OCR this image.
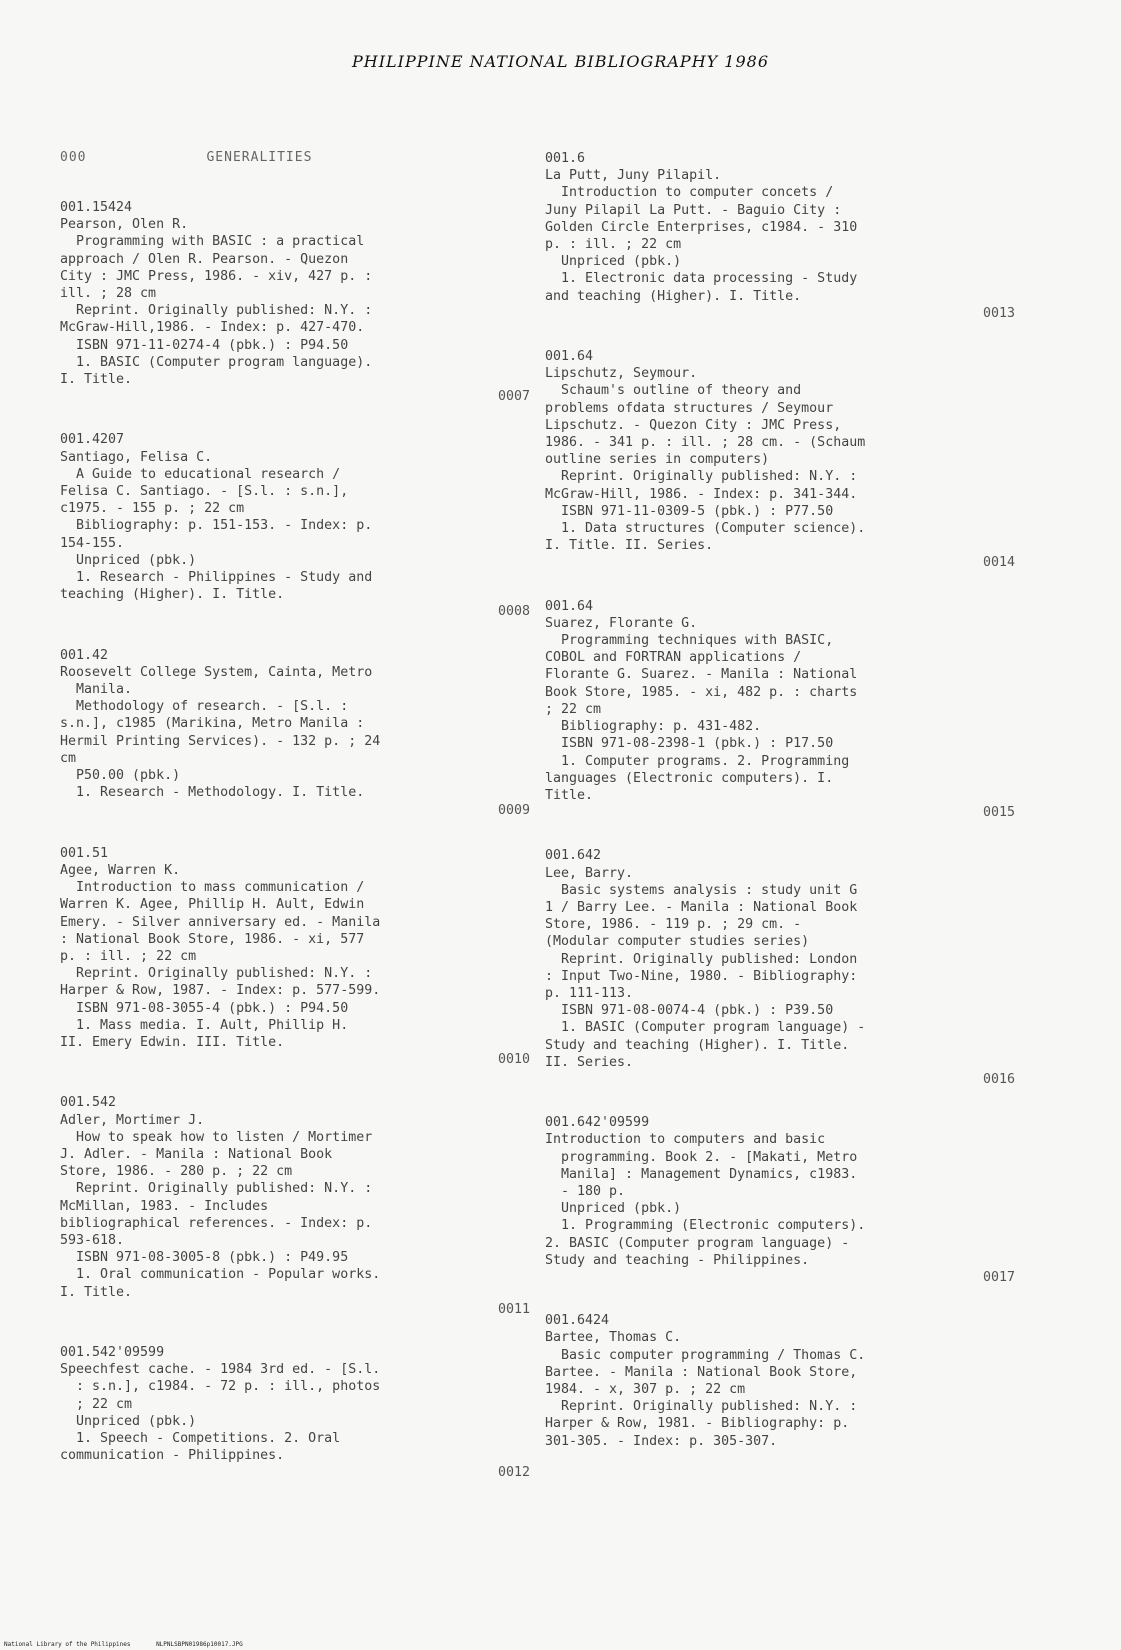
PHILIPPINE NATIONAL BIBLIOGRAPHY 1986
000	GENERALITIES
001.15424
Pearson, Olen R.
Programming with BASIC : a practical
approach / Olen R. Pearson. - Quezon
City : JMC Press, 1986. - xiv, 427 p. :
ill. ; 28 cm
Reprint. Originally published: N.Y. :
McGraw-Hill,1986. - Index: p. 427-470.
ISBN 971-11-0274-4 (pbk.) : P94.50
1. BASIC (Computer program language).
I. Title.
0007
001.4207
Santiago, Felisa C.
A Guide to educational research /
Felisa C. Santiago. - [S.l. : s.n.],
c1975. - 155 p. ; 22 cm
Bibliography: p. 151-153. - Index: p.
154-155.
Unpriced (pbk.)
1. Research - Philippines - Study and
teaching (Higher). I. Title.
0008
001.42
Roosevelt College System, Cainta, Metro
Manila.
Methodology of research. - [S.l. :
s.n.], c1985 (Marikina, Metro Manila :
Hermil Printing Services). - 132 p. ; 24
cm
P50.00 (pbk.)
1. Research - Methodology. I. Title.
0009
001.51
Agee, Warren K.
Introduction to mass communication /
Warren K. Agee, Phillip H. Ault, Edwin
Emery. - Silver anniversary ed. - Manila
: National Book Store, 1986. - xi, 577
p. : ill. ; 22 cm
Reprint. Originally published: N.Y. :
Harper & Row, 1987. - Index: p. 577-599.
ISBN 971-08-3055-4 (pbk.) : P94.50
1. Mass media. I. Ault, Phillip H.
II. Emery Edwin. III. Title.
0010
001.542
Adler, Mortimer J.
How to speak how to listen / Mortimer
J. Adler. - Manila : National Book
Store, 1986. - 280 p. ; 22 cm
Reprint. Originally published: N.Y. :
McMillan, 1983. - Includes
bibliographical references. - Index: p.
593-618.
ISBN 971-08-3005-8 (pbk.) : P49.95
1. Oral communication - Popular works.
I. Title.
0011
001.542'09599
Speechfest cache. - 1984 3rd ed. - [S.l.
: s.n.], c1984. - 72 p. : ill., photos
; 22 cm
Unpriced (pbk.)
1. Speech - Competitions. 2. Oral
communication - Philippines.
0012
001.6
La Putt, Juny Pilapil.
Introduction to computer concets /
Juny Pilapil La Putt. - Baguio City :
Golden Circle Enterprises, c1984. - 310
p. : ill. ; 22 cm
Unpriced (pbk.)
1. Electronic data processing - Study
and teaching (Higher). I. Title.
0013
001.64
Lipschutz, Seymour.
Schaum's outline of theory and
problems ofdata structures / Seymour
Lipschutz. - Quezon City : JMC Press,
1986. - 341 p. : ill. ; 28 cm. - (Schaum
outline series in computers)
Reprint. Originally published: N.Y. :
McGraw-Hill, 1986. - Index: p. 341-344.
ISBN 971-11-0309-5 (pbk.) : P77.50
1. Data structures (Computer science).
I. Title. II. Series.
0014
001.64
Suarez, Florante G.
Programming techniques with BASIC,
COBOL and FORTRAN applications /
Florante G. Suarez. - Manila : National
Book Store, 1985. - xi, 482 p. : charts
; 22 cm
Bibliography: p. 431-482.
ISBN 971-08-2398-1 (pbk.) : P17.50
1. Computer programs. 2. Programming
languages (Electronic computers). I.
Title.
0015
001.642
Lee, Barry.
Basic systems analysis : study unit G
1 / Barry Lee. - Manila : National Book
Store, 1986. - 119 p. ; 29 cm. -
(Modular computer studies series)
Reprint. Originally published: London
: Input Two-Nine, 1980. - Bibliography:
p. 111-113.
ISBN 971-08-0074-4 (pbk.) : P39.50
1. BASIC (Computer program language) -
Study and teaching (Higher). I. Title.
II. Series.
0016
001.642'09599
Introduction to computers and basic
programming. Book 2. - [Makati, Metro
Manila] : Management Dynamics, c1983.
- 180 p.
Unpriced (pbk.)
1. Programming (Electronic computers).
2. BASIC (Computer program language) -
Study and teaching - Philippines.
0017
001.6424
Bartee, Thomas C.
Basic computer programming / Thomas C.
Bartee. - Manila : National Book Store,
1984. - x, 307 p. ; 22 cm
Reprint. Originally published: N.Y. :
Harper & Row, 1981. - Bibliography: p.
301-305. - Index: p. 305-307.
National Library of the Philippines	NLPNLSBPN01986p10017.JPG
